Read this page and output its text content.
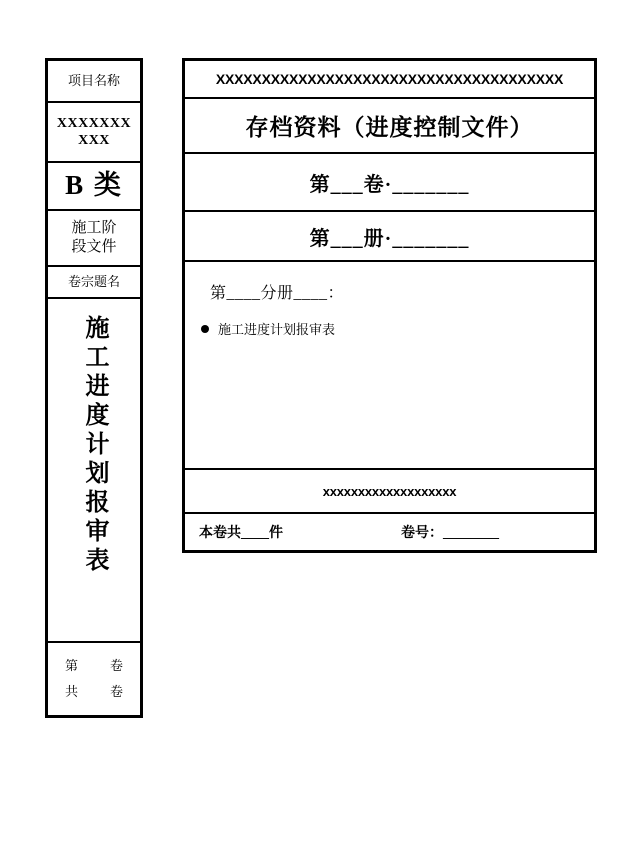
项目名称
XXXXXXX
XXX
B 类
施工阶
段文件
卷宗题名
施工进度计划报审表
第 卷
共 卷
XXXXXXXXXXXXXXXXXXXXXXXXXXXXXXXXXXXXXX
存档资料（进度控制文件）
第___卷·_______
第___册·_______
第____分册____：
施工进度计划报审表
xxxxxxxxxxxxxxxxxxx
本卷共____件	卷号：________
